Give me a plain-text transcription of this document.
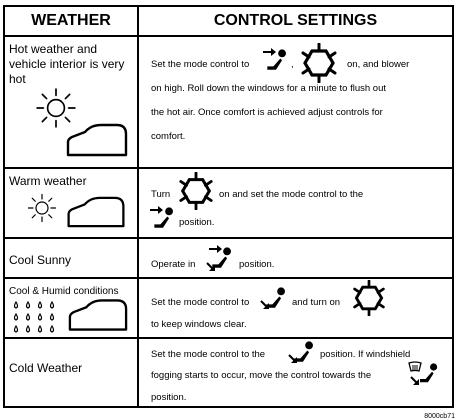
WEATHER	CONTROL SETTINGS
Hot weather and vehicle interior is very hot
Set the mode control to	,	on, and blower
on high. Roll down the windows for a minute to flush out
the hot air. Once comfort is achieved adjust controls for
comfort.
Warm weather
Turn	on and set the mode control to the
position.
Cool Sunny	Operate in	position.
Cool & Humid conditions
Set the mode control to	and turn on
to keep windows clear.
Cold Weather
Set the mode control to the	position. If windshield
fogging starts to occur, move the control towards the
position.
8000cb71
